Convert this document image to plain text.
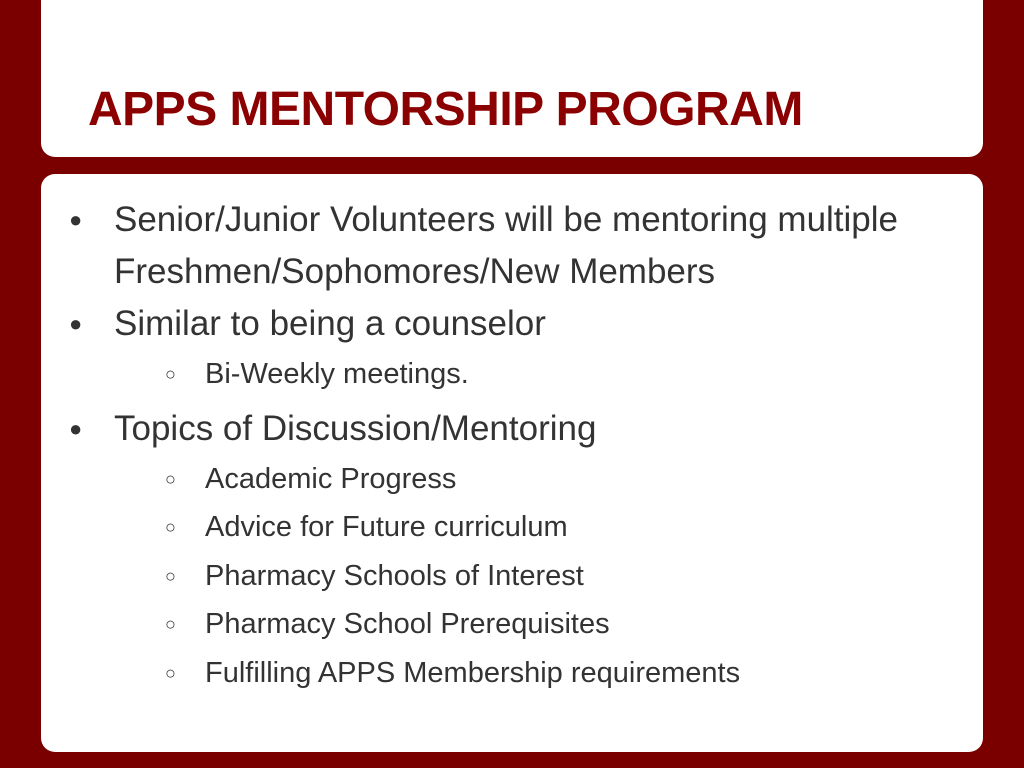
APPS MENTORSHIP PROGRAM
● Senior/Junior Volunteers will be mentoring multiple Freshmen/Sophomores/New Members
● Similar to being a counselor
○ Bi-Weekly meetings.
● Topics of Discussion/Mentoring
○ Academic Progress
○ Advice for Future curriculum
○ Pharmacy Schools of Interest
○ Pharmacy School Prerequisites
○ Fulfilling APPS Membership requirements
